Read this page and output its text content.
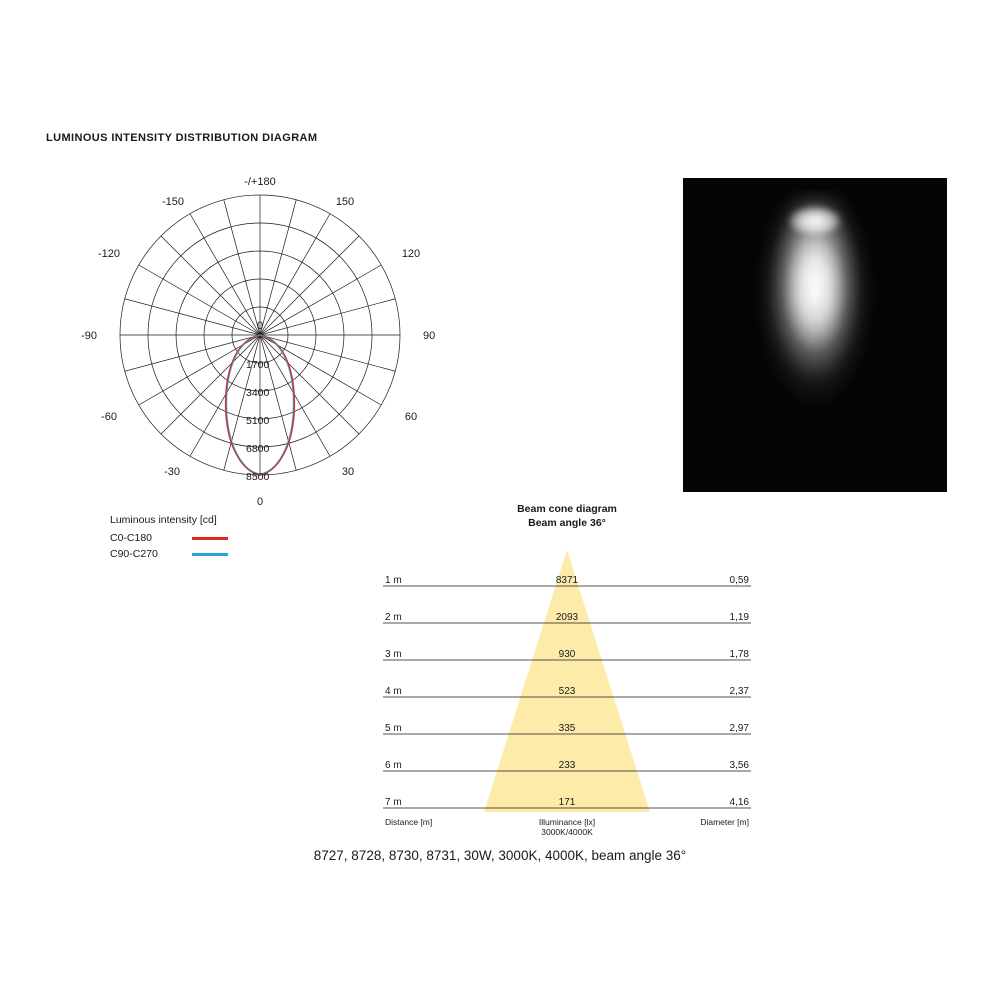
LUMINOUS INTENSITY DISTRIBUTION DIAGRAM
1700
3400
5100
6800
8500
0
0
-/+180
150
120
90
60
30
-30
-60
-90
-120
-150
Luminous intensity [cd]
C0-C180
C90-C270
Beam cone diagram
Beam angle 36°
1 m	8371	0,59
2 m	2093	1,19
3 m	930	1,78
4 m	523	2,37
5 m	335	2,97
6 m	233	3,56
7 m	171	4,16
Distance [m]	Illuminance [lx]
3000K/4000K
Diameter [m]
8727, 8728, 8730, 8731, 30W, 3000K, 4000K, beam angle 36°
